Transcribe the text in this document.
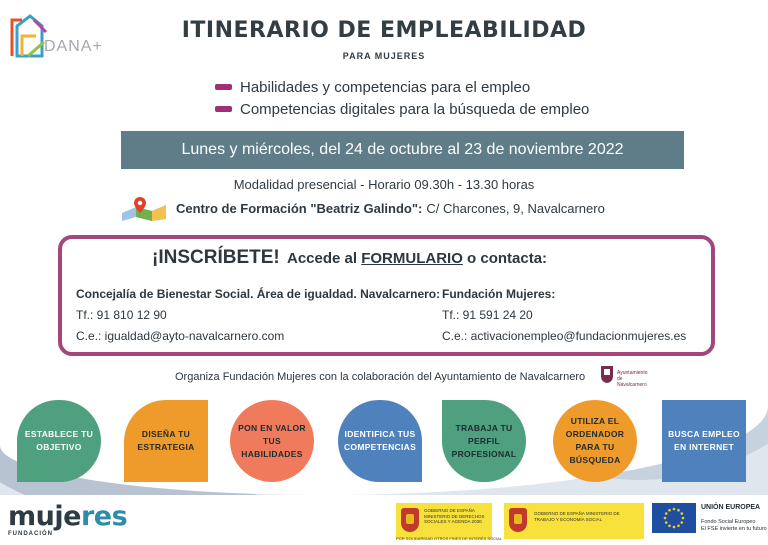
DANA+
ITINERARIO DE EMPLEABILIDAD
PARA MUJERES
Habilidades y competencias para el empleo
Competencias digitales para la búsqueda de empleo
Lunes y miércoles, del 24 de octubre al 23 de noviembre 2022
Modalidad presencial - Horario 09.30h - 13.30 horas
Centro de Formación "Beatriz Galindo": C/ Charcones, 9, Navalcarnero
¡INSCRÍBETE! Accede al FORMULARIO o contacta:
Concejalía de Bienestar Social. Área de igualdad. Navalcarnero:
Tf.: 91 810 12 90
C.e.: igualdad@ayto-navalcarnero.com
Fundación Mujeres:
Tf.: 91 591 24 20
C.e.: activacionempleo@fundacionmujeres.es
Organiza Fundación Mujeres con la colaboración del Ayuntamiento de Navalcarnero	Ayuntamiento de Navalcarnero
ESTABLECE TU OBJETIVO
DISEÑA TU ESTRATEGIA
PON EN VALOR TUS HABILIDADES
IDENTIFICA TUS COMPETENCIAS
TRABAJA TU PERFIL PROFESIONAL
UTILIZA EL ORDENADOR PARA TU BÚSQUEDA
BUSCA EMPLEO EN INTERNET
mujeres
FUNDACIÓN
GOBIERNO DE ESPAÑA MINISTERIO DE DERECHOS SOCIALES Y AGENDA 2030
POR SOLIDARIDAD OTROS FINES DE INTERÉS SOCIAL
GOBIERNO DE ESPAÑA MINISTERIO DE TRABAJO Y ECONOMÍA SOCIAL
UNIÓN EUROPEA
Fondo Social Europeo
El FSE invierte en tu futuro
